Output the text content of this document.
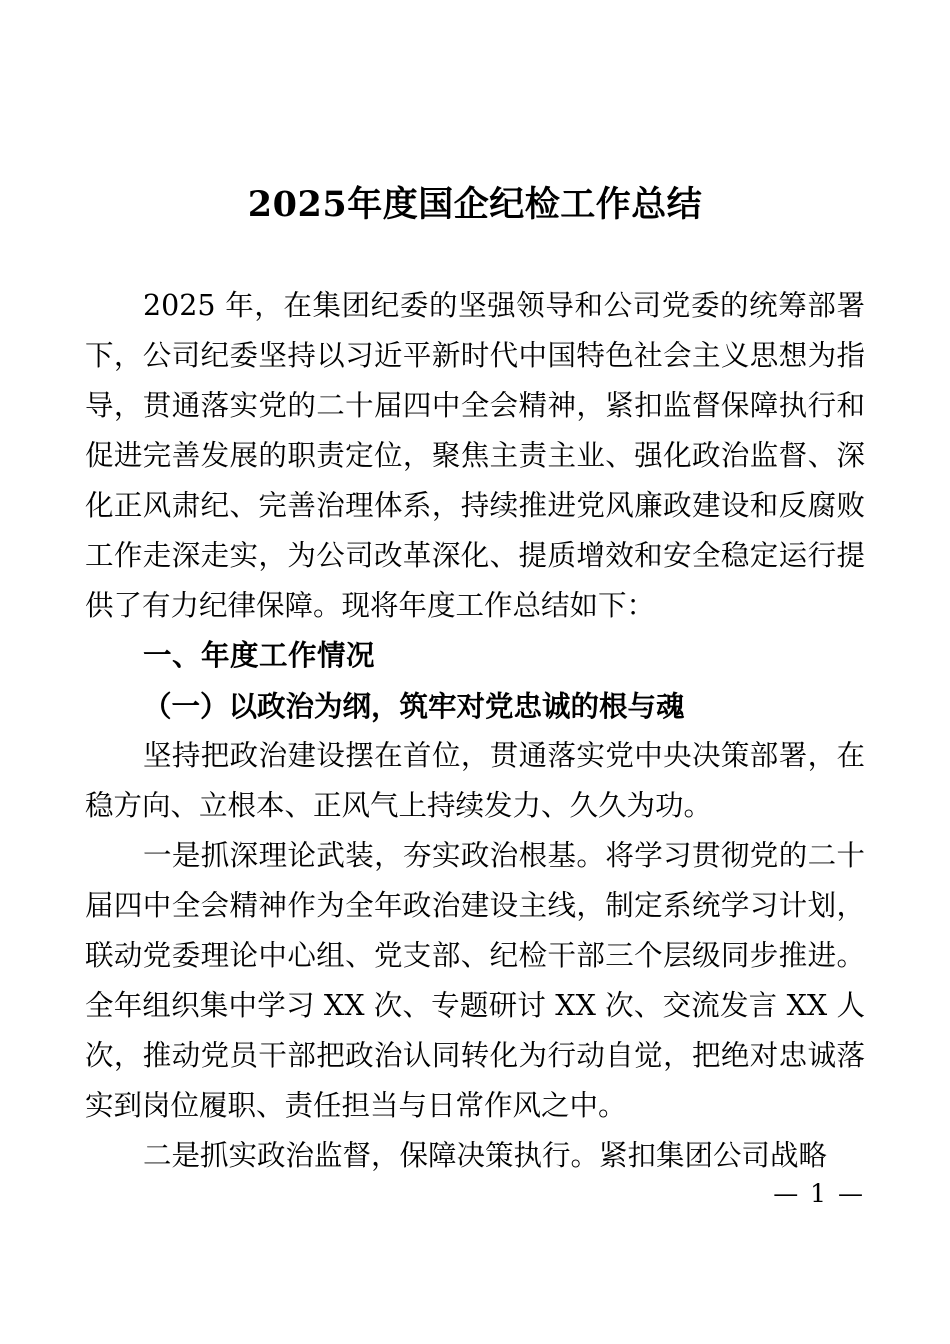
2025年度国企纪检工作总结

2025 年，在集团纪委的坚强领导和公司党委的统筹部署下，公司纪委坚持以习近平新时代中国特色社会主义思想为指导，贯通落实党的二十届四中全会精神，紧扣监督保障执行和促进完善发展的职责定位，聚焦主责主业、强化政治监督、深化正风肃纪、完善治理体系，持续推进党风廉政建设和反腐败工作走深走实，为公司改革深化、提质增效和安全稳定运行提供了有力纪律保障。现将年度工作总结如下：

一、年度工作情况
（一）以政治为纲，筑牢对党忠诚的根与魂

坚持把政治建设摆在首位，贯通落实党中央决策部署，在稳方向、立根本、正风气上持续发力、久久为功。

一是抓深理论武装，夯实政治根基。将学习贯彻党的二十届四中全会精神作为全年政治建设主线，制定系统学习计划，联动党委理论中心组、党支部、纪检干部三个层级同步推进。全年组织集中学习 XX 次、专题研讨 XX 次、交流发言 XX 人次，推动党员干部把政治认同转化为行动自觉，把绝对忠诚落实到岗位履职、责任担当与日常作风之中。

二是抓实政治监督，保障决策执行。紧扣集团公司战略

— 1 —
